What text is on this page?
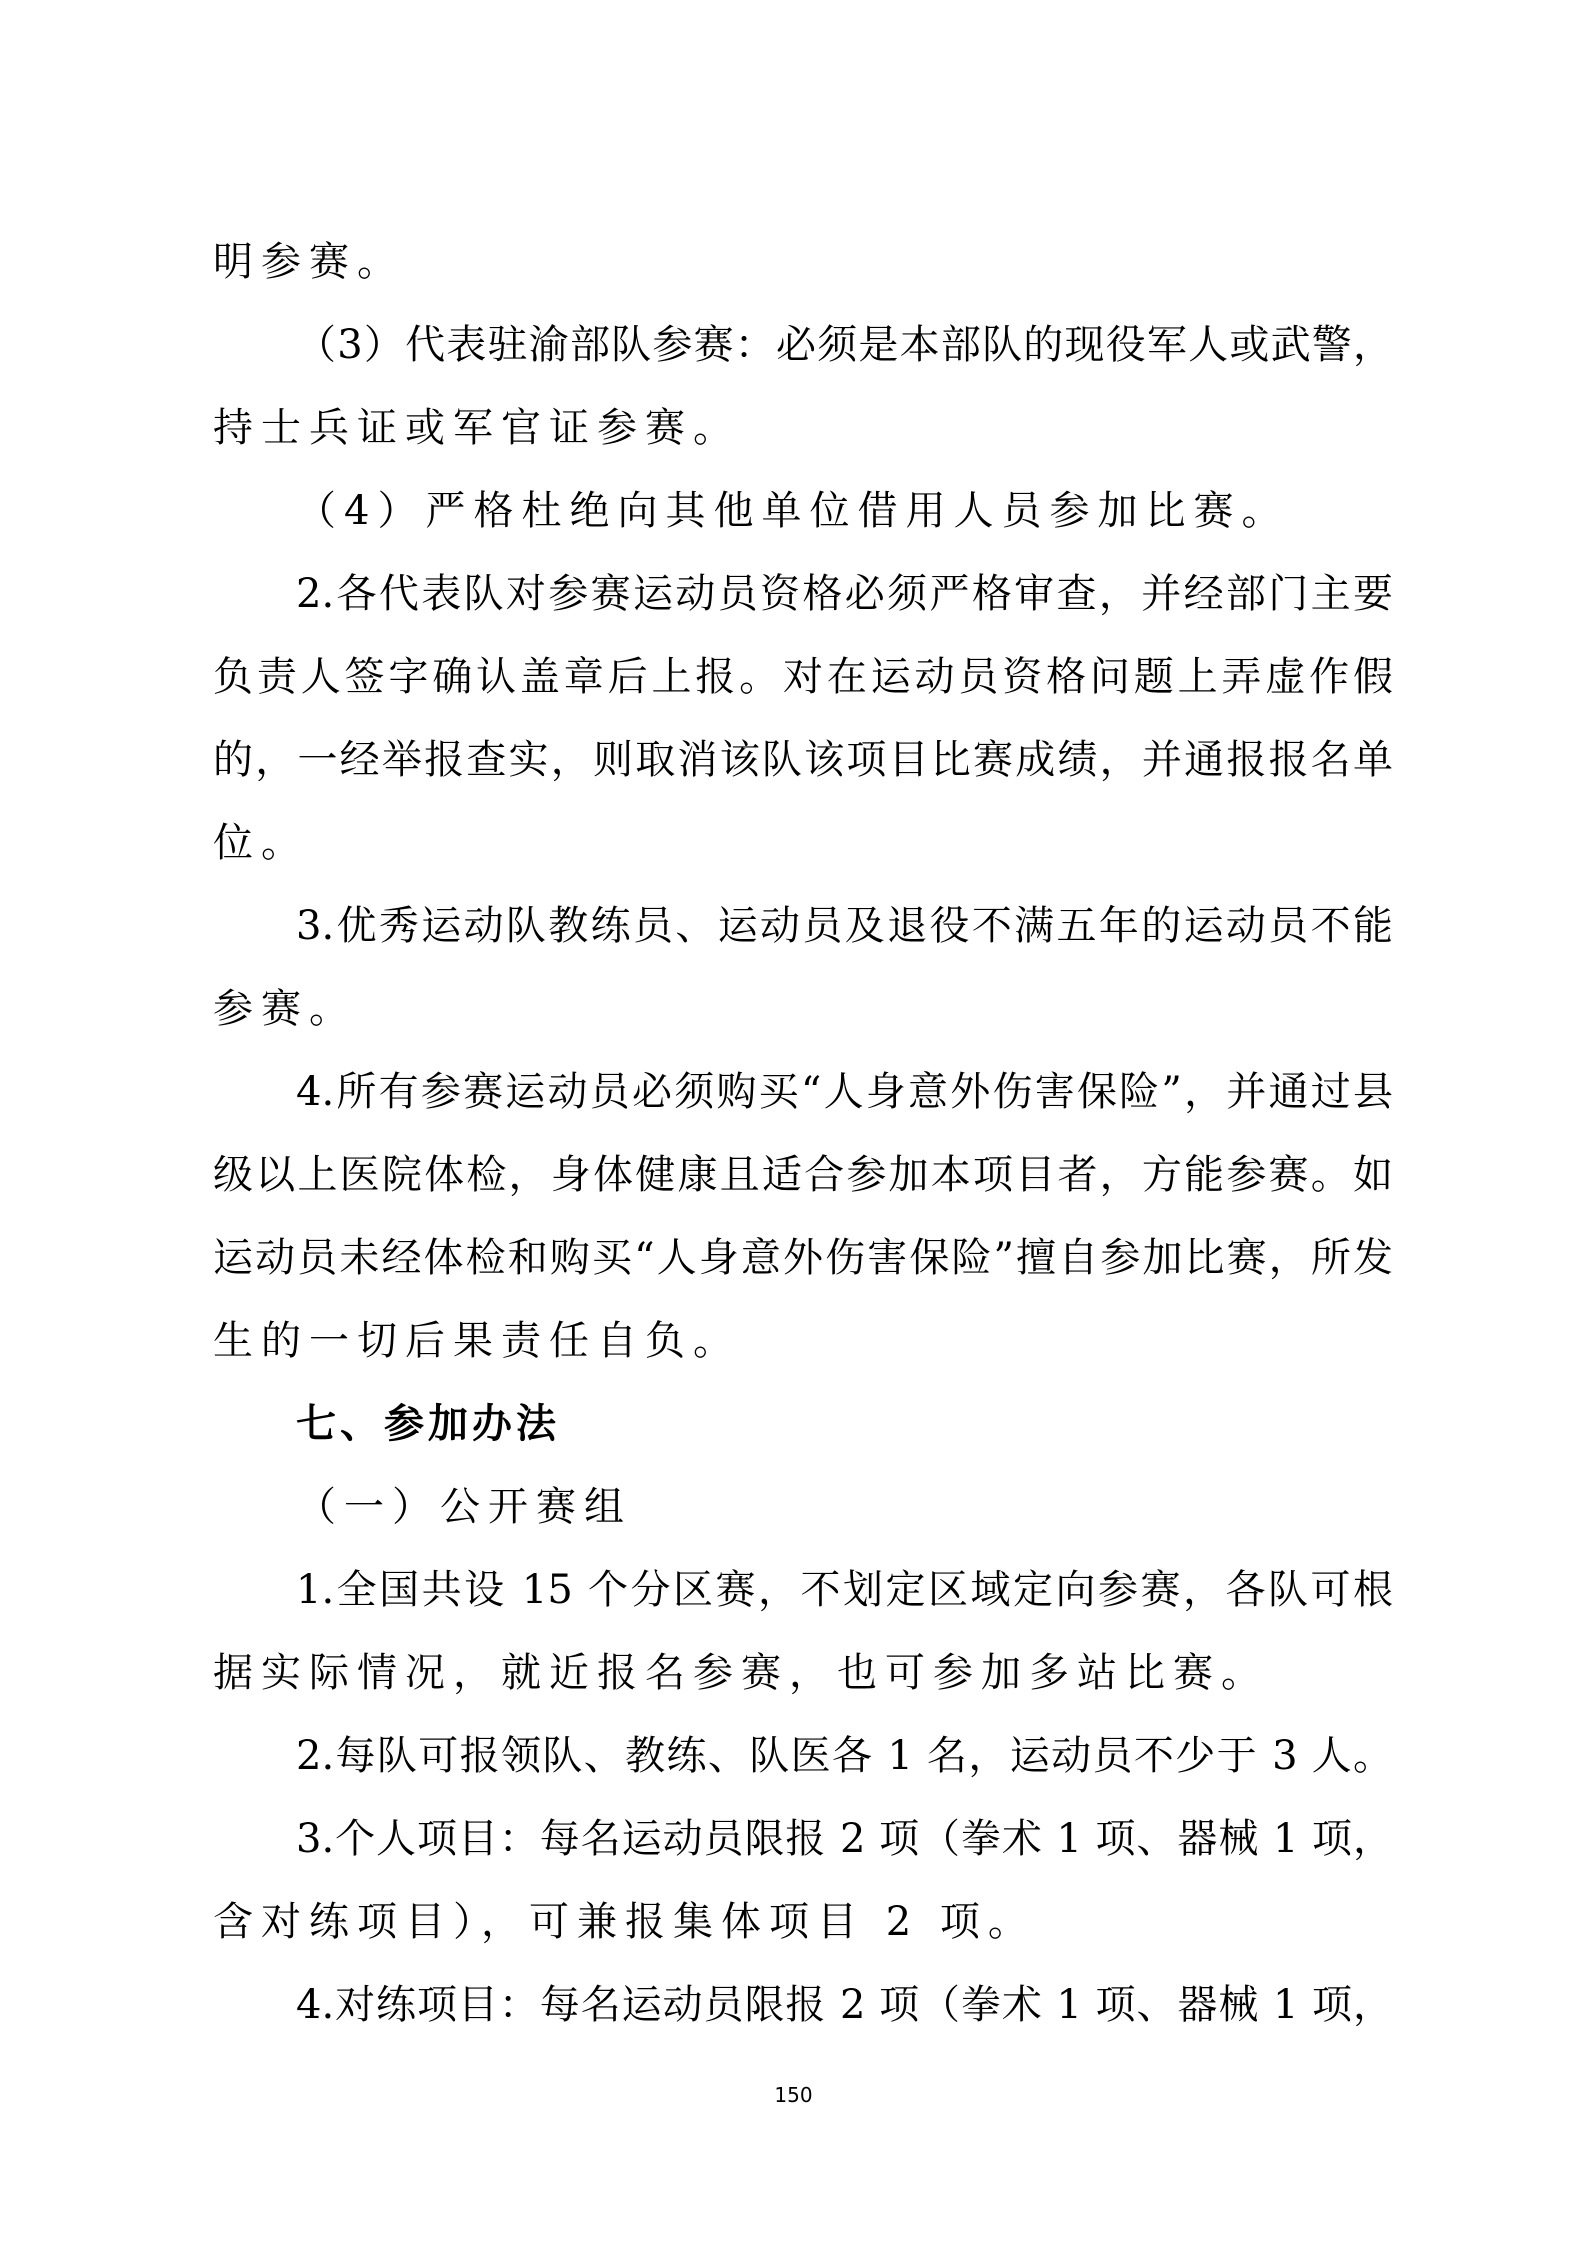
明参赛。
（3）代表驻渝部队参赛：必须是本部队的现役军人或武警，
持士兵证或军官证参赛。
（4）严格杜绝向其他单位借用人员参加比赛。
2.各代表队对参赛运动员资格必须严格审查，并经部门主要
负责人签字确认盖章后上报。对在运动员资格问题上弄虚作假
的，一经举报查实，则取消该队该项目比赛成绩，并通报报名单
位。
3.优秀运动队教练员、运动员及退役不满五年的运动员不能
参赛。
4.所有参赛运动员必须购买“人身意外伤害保险”，并通过县
级以上医院体检，身体健康且适合参加本项目者，方能参赛。如
运动员未经体检和购买“人身意外伤害保险”擅自参加比赛，所发
生的一切后果责任自负。
七、参加办法
（一）公开赛组
1.全国共设 15 个分区赛，不划定区域定向参赛，各队可根
据实际情况，就近报名参赛，也可参加多站比赛。
2.每队可报领队、教练、队医各 1 名，运动员不少于 3 人。
3.个人项目：每名运动员限报 2 项（拳术 1 项、器械 1 项，
含对练项目），可兼报集体项目 2 项。
4.对练项目：每名运动员限报 2 项（拳术 1 项、器械 1 项，
150
